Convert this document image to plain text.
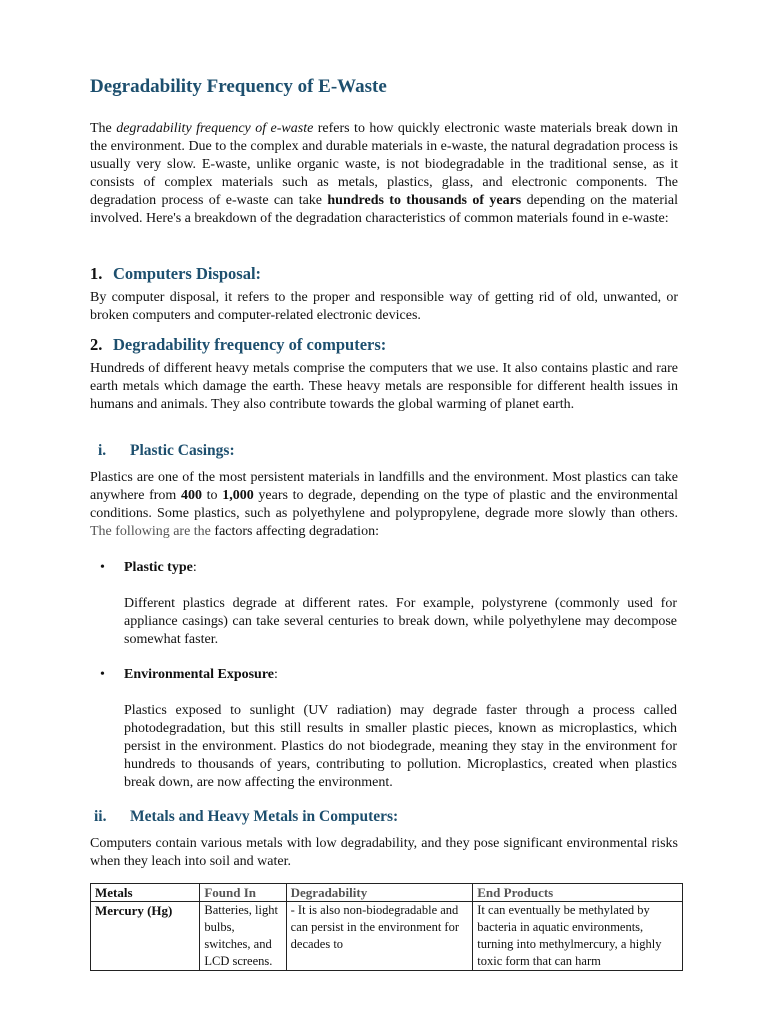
Degradability Frequency of E-Waste

The degradability frequency of e-waste refers to how quickly electronic waste materials break down in the environment. Due to the complex and durable materials in e-waste, the natural degradation process is usually very slow. E-waste, unlike organic waste, is not biodegradable in the traditional sense, as it consists of complex materials such as metals, plastics, glass, and electronic components. The degradation process of e-waste can take hundreds to thousands of years depending on the material involved. Here's a breakdown of the degradation characteristics of common materials found in e-waste:

1. Computers Disposal:

By computer disposal, it refers to the proper and responsible way of getting rid of old, unwanted, or broken computers and computer-related electronic devices.

2. Degradability frequency of computers:

Hundreds of different heavy metals comprise the computers that we use. It also contains plastic and rare earth metals which damage the earth. These heavy metals are responsible for different health issues in humans and animals. They also contribute towards the global warming of planet earth.

i. Plastic Casings:

Plastics are one of the most persistent materials in landfills and the environment. Most plastics can take anywhere from 400 to 1,000 years to degrade, depending on the type of plastic and the environmental conditions. Some plastics, such as polyethylene and polypropylene, degrade more slowly than others. The following are the factors affecting degradation:

• Plastic type:

Different plastics degrade at different rates. For example, polystyrene (commonly used for appliance casings) can take several centuries to break down, while polyethylene may decompose somewhat faster.

• Environmental Exposure:

Plastics exposed to sunlight (UV radiation) may degrade faster through a process called photodegradation, but this still results in smaller plastic pieces, known as microplastics, which persist in the environment. Plastics do not biodegrade, meaning they stay in the environment for hundreds to thousands of years, contributing to pollution. Microplastics, created when plastics break down, are now affecting the environment.

ii. Metals and Heavy Metals in Computers:

Computers contain various metals with low degradability, and they pose significant environmental risks when they leach into soil and water.

Metals	Found In	Degradability	End Products
Mercury (Hg)	Batteries, light bulbs, switches, and LCD screens.	- It is also non-biodegradable and can persist in the environment for decades to	It can eventually be methylated by bacteria in aquatic environments, turning into methylmercury, a highly toxic form that can harm
